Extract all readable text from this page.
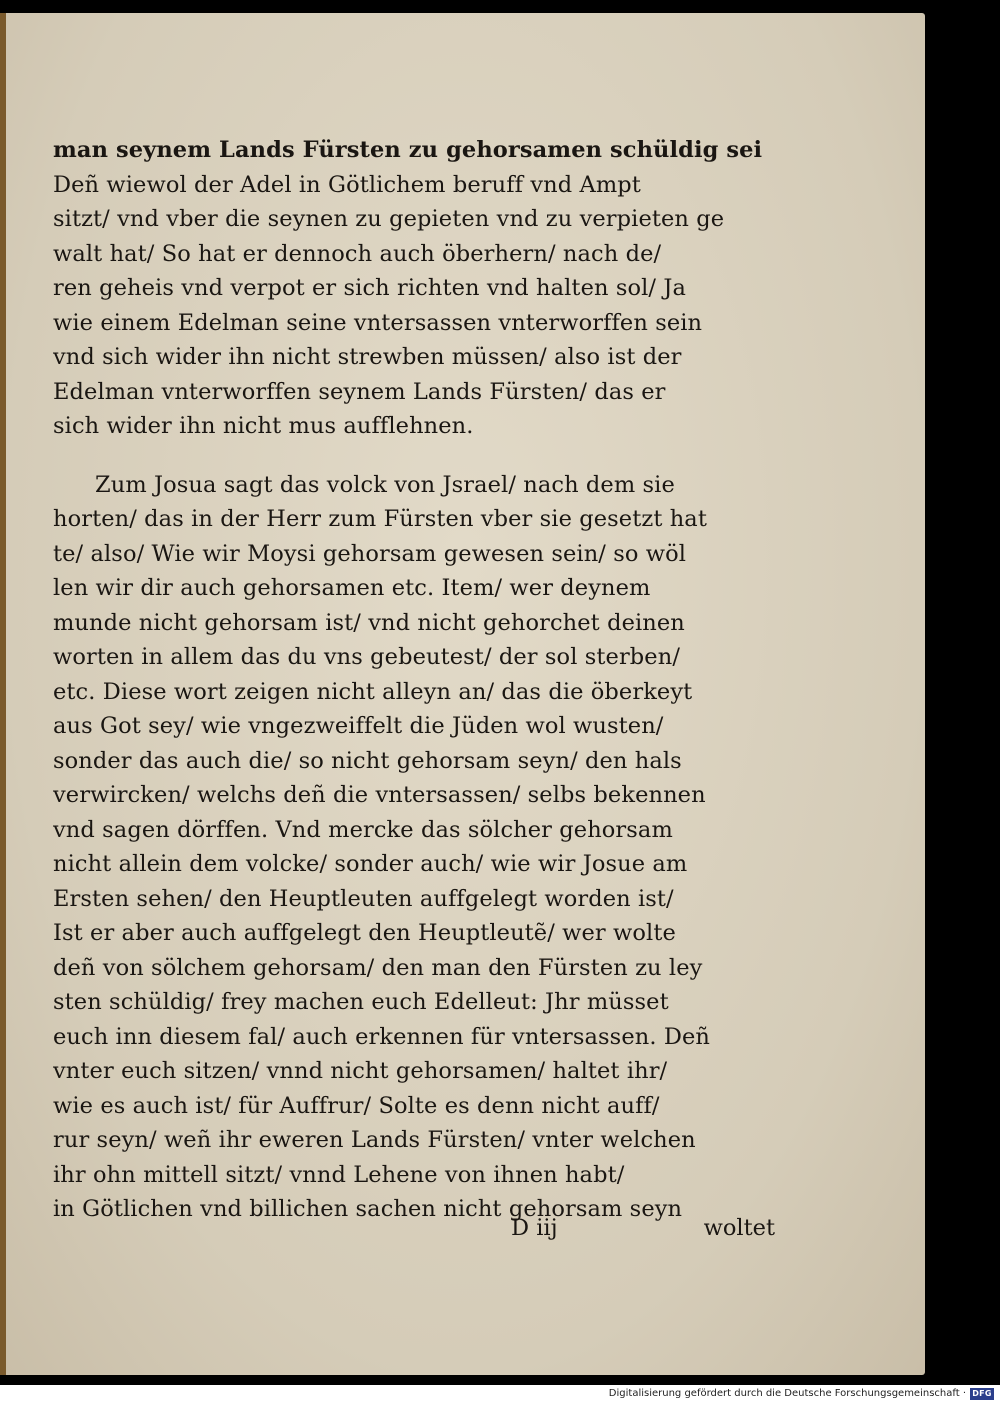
man seynem Lands Fürsten zu gehorsamen schüldig sei
Deñ wiewol der Adel in Götlichem beruff vnd Ampt
sitzt/ vnd vber die seynen zu gepieten vnd zu verpieten ge
walt hat/ So hat er dennoch auch öberhern/ nach de/
ren geheis vnd verpot er sich richten vnd halten sol/ Ja
wie einem Edelman seine vntersassen vnterworffen sein
vnd sich wider ihn nicht strewben müssen/ also ist der
Edelman vnterworffen seynem Lands Fürsten/ das er
sich wider ihn nicht mus aufflehnen.
Zum Josua sagt das volck von Jsrael/ nach dem sie
horten/ das in der Herr zum Fürsten vber sie gesetzt hat
te/ also/ Wie wir Moysi gehorsam gewesen sein/ so wöl
len wir dir auch gehorsamen etc. Item/ wer deynem
munde nicht gehorsam ist/ vnd nicht gehorchet deinen
worten in allem das du vns gebeutest/ der sol sterben/
etc. Diese wort zeigen nicht alleyn an/ das die öberkeyt
aus Got sey/ wie vngezweiffelt die Jüden wol wusten/
sonder das auch die/ so nicht gehorsam seyn/ den hals
verwircken/ welchs deñ die vntersassen/ selbs bekennen
vnd sagen dörffen. Vnd mercke das sölcher gehorsam
nicht allein dem volcke/ sonder auch/ wie wir Josue am
Ersten sehen/ den Heuptleuten auffgelegt worden ist/
Ist er aber auch auffgelegt den Heuptleutẽ/ wer wolte
deñ von sölchem gehorsam/ den man den Fürsten zu ley
sten schüldig/ frey machen euch Edelleut: Jhr müsset
euch inn diesem fal/ auch erkennen für vntersassen. Deñ
vnter euch sitzen/ vnnd nicht gehorsamen/ haltet ihr/
wie es auch ist/ für Auffrur/ Solte es denn nicht auff/
rur seyn/ weñ ihr eweren Lands Fürsten/ vnter welchen
ihr ohn mittell sitzt/ vnnd Lehene von ihnen habt/
in Götlichen vnd billichen sachen nicht gehorsam seyn
D iij	woltet
Digitalisierung gefördert durch die Deutsche Forschungsgemeinschaft · DFG
